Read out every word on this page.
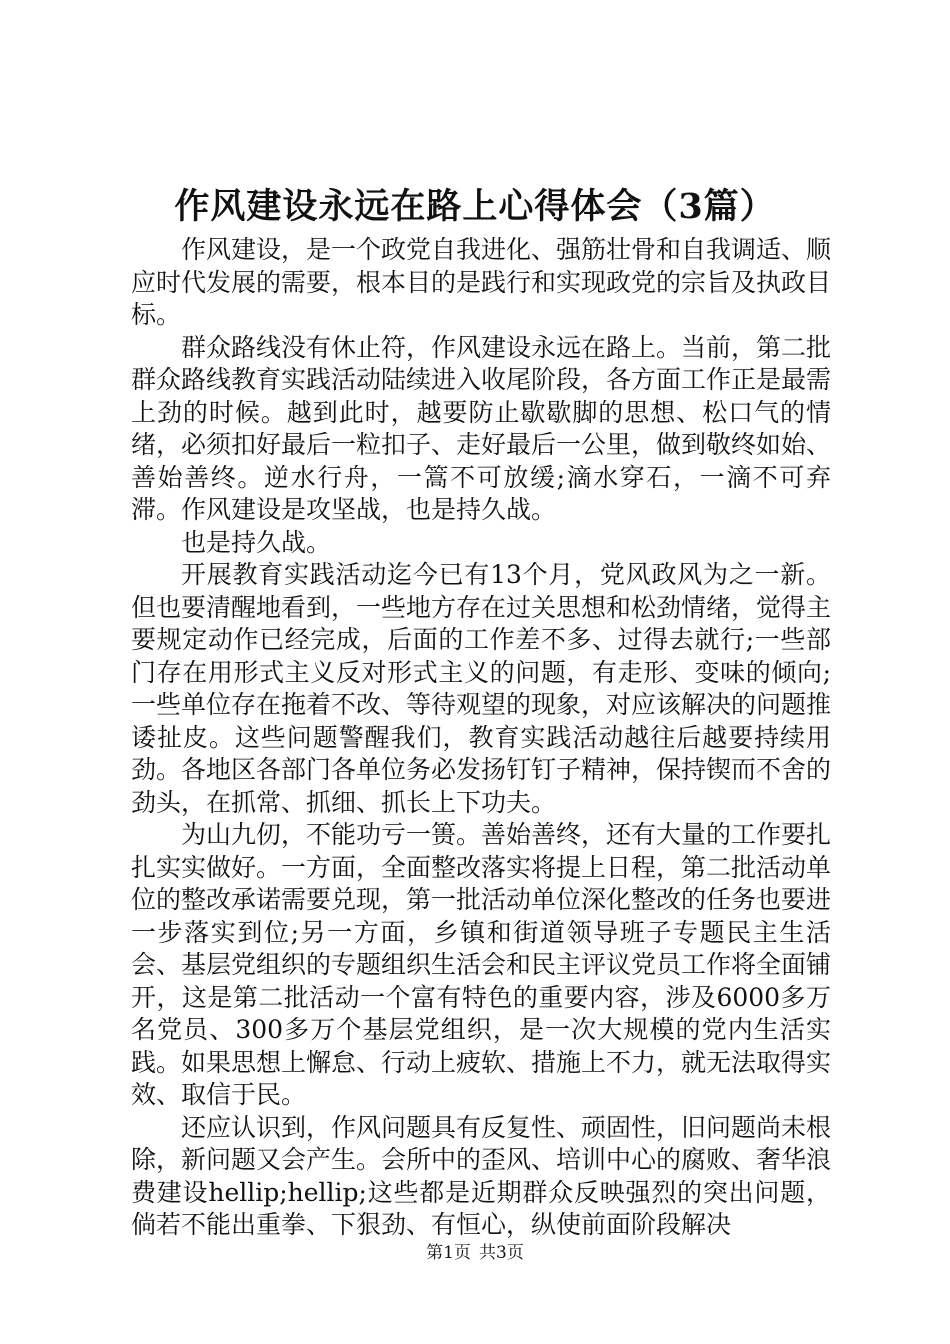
作风建设永远在路上心得体会（3篇）

作风建设，是一个政党自我进化、强筋壮骨和自我调适、顺应时代发展的需要，根本目的是践行和实现政党的宗旨及执政目标。

群众路线没有休止符，作风建设永远在路上。当前，第二批群众路线教育实践活动陆续进入收尾阶段，各方面工作正是最需上劲的时候。越到此时，越要防止歇歇脚的思想、松口气的情绪，必须扣好最后一粒扣子、走好最后一公里，做到敬终如始、善始善终。逆水行舟，一篙不可放缓;滴水穿石，一滴不可弃滞。作风建设是攻坚战，也是持久战。

也是持久战。

开展教育实践活动迄今已有13个月，党风政风为之一新。但也要清醒地看到，一些地方存在过关思想和松劲情绪，觉得主要规定动作已经完成，后面的工作差不多、过得去就行;一些部门存在用形式主义反对形式主义的问题，有走形、变味的倾向;一些单位存在拖着不改、等待观望的现象，对应该解决的问题推诿扯皮。这些问题警醒我们，教育实践活动越往后越要持续用劲。各地区各部门各单位务必发扬钉钉子精神，保持锲而不舍的劲头，在抓常、抓细、抓长上下功夫。

为山九仞，不能功亏一篑。善始善终，还有大量的工作要扎扎实实做好。一方面，全面整改落实将提上日程，第二批活动单位的整改承诺需要兑现，第一批活动单位深化整改的任务也要进一步落实到位;另一方面，乡镇和街道领导班子专题民主生活会、基层党组织的专题组织生活会和民主评议党员工作将全面铺开，这是第二批活动一个富有特色的重要内容，涉及6000多万名党员、300多万个基层党组织，是一次大规模的党内生活实践。如果思想上懈怠、行动上疲软、措施上不力，就无法取得实效、取信于民。

还应认识到，作风问题具有反复性、顽固性，旧问题尚未根除，新问题又会产生。会所中的歪风、培训中心的腐败、奢华浪费建设hellip;hellip;这些都是近期群众反映强烈的突出问题，倘若不能出重拳、下狠劲、有恒心，纵使前面阶段解决

第1页 共3页
